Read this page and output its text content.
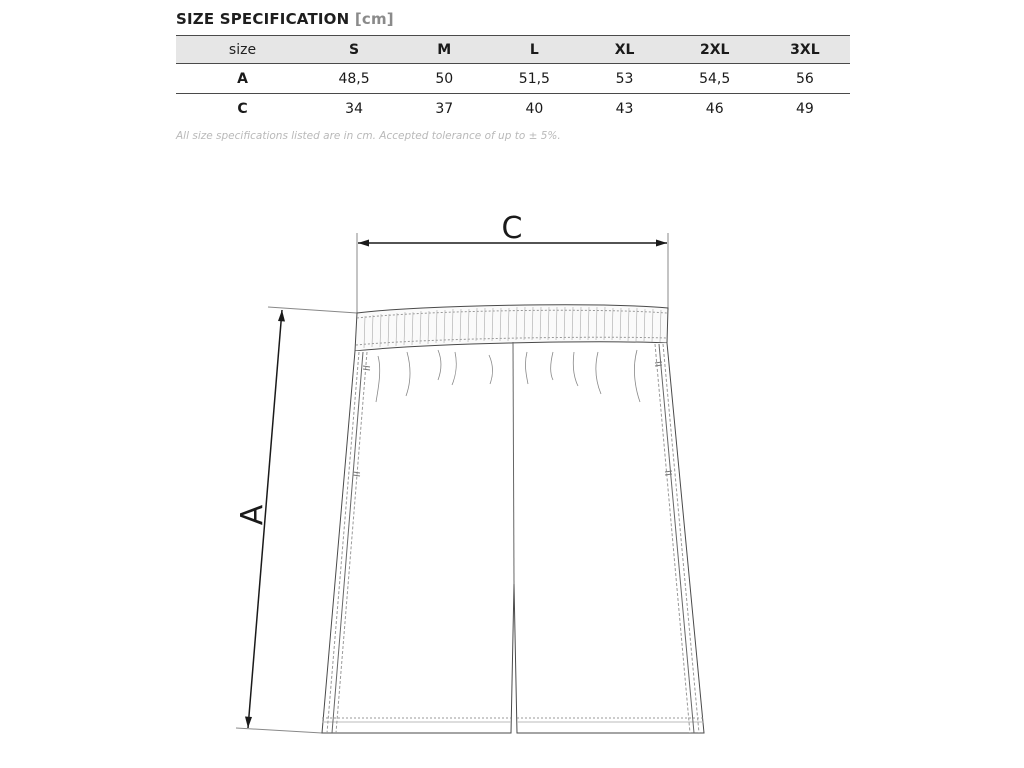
SIZE SPECIFICATION [cm]
size	S	M	L	XL	2XL	3XL
A	48,5	50	51,5	53	54,5	56
C	34	37	40	43	46	49
All size specifications listed are in cm. Accepted tolerance of up to ± 5%.
C
A
